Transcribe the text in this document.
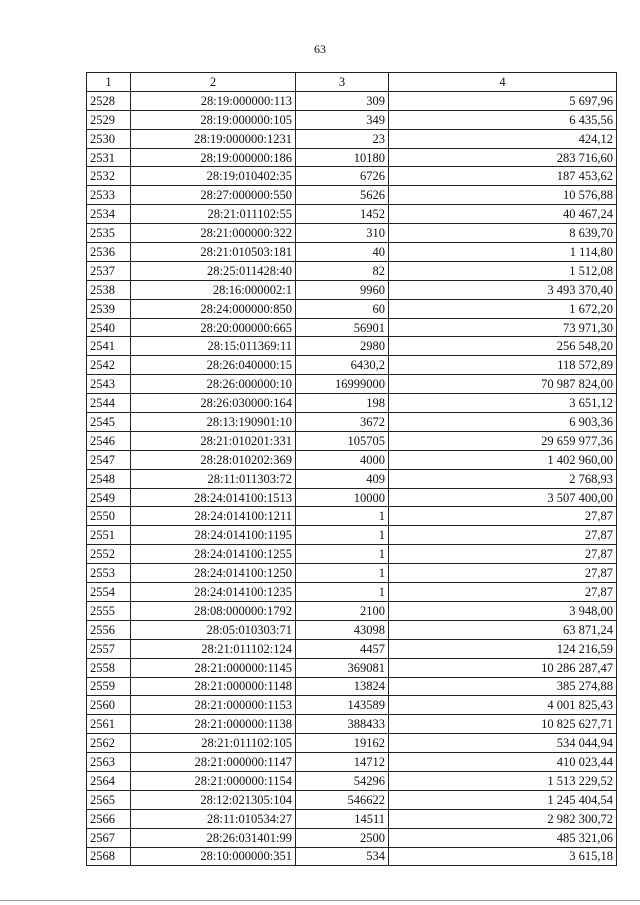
63
1	2	3	4
2528	28:19:000000:113	309	5 697,96
2529	28:19:000000:105	349	6 435,56
2530	28:19:000000:1231	23	424,12
2531	28:19:000000:186	10180	283 716,60
2532	28:19:010402:35	6726	187 453,62
2533	28:27:000000:550	5626	10 576,88
2534	28:21:011102:55	1452	40 467,24
2535	28:21:000000:322	310	8 639,70
2536	28:21:010503:181	40	1 114,80
2537	28:25:011428:40	82	1 512,08
2538	28:16:000002:1	9960	3 493 370,40
2539	28:24:000000:850	60	1 672,20
2540	28:20:000000:665	56901	73 971,30
2541	28:15:011369:11	2980	256 548,20
2542	28:26:040000:15	6430,2	118 572,89
2543	28:26:000000:10	16999000	70 987 824,00
2544	28:26:030000:164	198	3 651,12
2545	28:13:190901:10	3672	6 903,36
2546	28:21:010201:331	105705	29 659 977,36
2547	28:28:010202:369	4000	1 402 960,00
2548	28:11:011303:72	409	2 768,93
2549	28:24:014100:1513	10000	3 507 400,00
2550	28:24:014100:1211	1	27,87
2551	28:24:014100:1195	1	27,87
2552	28:24:014100:1255	1	27,87
2553	28:24:014100:1250	1	27,87
2554	28:24:014100:1235	1	27,87
2555	28:08:000000:1792	2100	3 948,00
2556	28:05:010303:71	43098	63 871,24
2557	28:21:011102:124	4457	124 216,59
2558	28:21:000000:1145	369081	10 286 287,47
2559	28:21:000000:1148	13824	385 274,88
2560	28:21:000000:1153	143589	4 001 825,43
2561	28:21:000000:1138	388433	10 825 627,71
2562	28:21:011102:105	19162	534 044,94
2563	28:21:000000:1147	14712	410 023,44
2564	28:21:000000:1154	54296	1 513 229,52
2565	28:12:021305:104	546622	1 245 404,54
2566	28:11:010534:27	14511	2 982 300,72
2567	28:26:031401:99	2500	485 321,06
2568	28:10:000000:351	534	3 615,18
